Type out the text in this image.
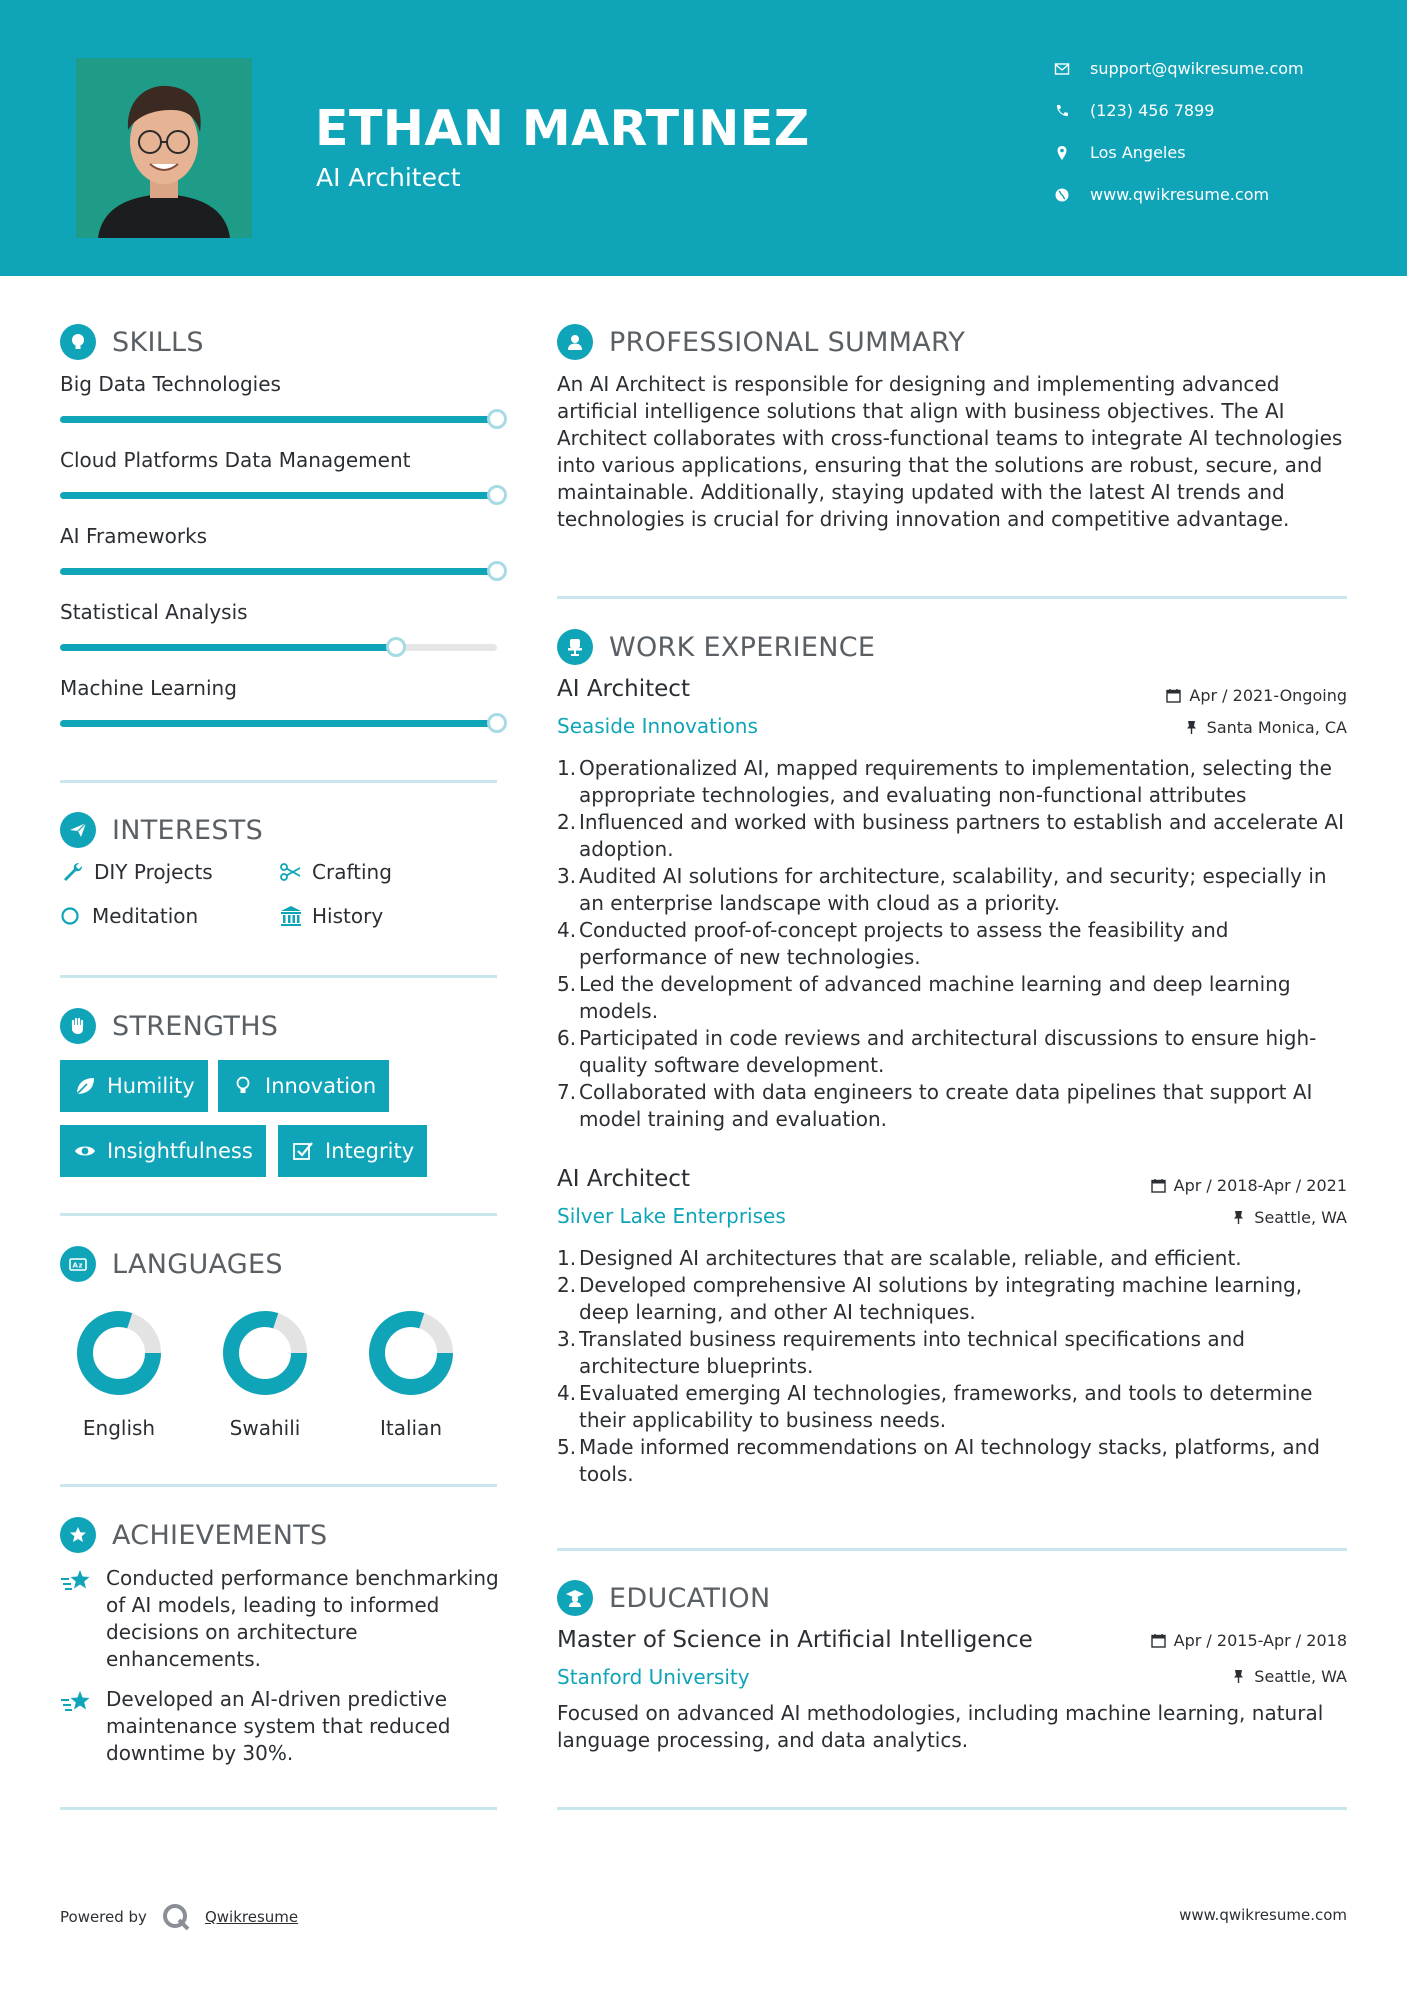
ETHAN MARTINEZ
AI Architect
support@qwikresume.com
(123) 456 7899
Los Angeles
www.qwikresume.com
SKILLS
Big Data Technologies
Cloud Platforms Data Management
AI Frameworks
Statistical Analysis
Machine Learning
INTERESTS
DIY Projects	Crafting
Meditation	History
STRENGTHS
Humility	Innovation
Insightfulness	Integrity
A z LANGUAGES
English	Swahili	Italian
ACHIEVEMENTS
Conducted performance benchmarking of AI models, leading to informed decisions on architecture enhancements.
Developed an AI-driven predictive maintenance system that reduced downtime by 30%.
PROFESSIONAL SUMMARY
An AI Architect is responsible for designing and implementing advanced artificial intelligence solutions that align with business objectives. The AI Architect collaborates with cross-functional teams to integrate AI technologies into various applications, ensuring that the solutions are robust, secure, and maintainable. Additionally, staying updated with the latest AI trends and technologies is crucial for driving innovation and competitive advantage.
WORK EXPERIENCE
AI Architect	Apr / 2021-Ongoing
Seaside Innovations	Santa Monica, CA
1. Operationalized AI, mapped requirements to implementation, selecting the appropriate technologies, and evaluating non-functional attributes
2. Influenced and worked with business partners to establish and accelerate AI adoption.
3. Audited AI solutions for architecture, scalability, and security; especially in an enterprise landscape with cloud as a priority.
4. Conducted proof-of-concept projects to assess the feasibility and performance of new technologies.
5. Led the development of advanced machine learning and deep learning models.
6. Participated in code reviews and architectural discussions to ensure high-quality software development.
7. Collaborated with data engineers to create data pipelines that support AI model training and evaluation.
AI Architect	Apr / 2018-Apr / 2021
Silver Lake Enterprises	Seattle, WA
1. Designed AI architectures that are scalable, reliable, and efficient.
2. Developed comprehensive AI solutions by integrating machine learning, deep learning, and other AI techniques.
3. Translated business requirements into technical specifications and architecture blueprints.
4. Evaluated emerging AI technologies, frameworks, and tools to determine their applicability to business needs.
5. Made informed recommendations on AI technology stacks, platforms, and tools.
EDUCATION
Master of Science in Artificial Intelligence	Apr / 2015-Apr / 2018
Stanford University	Seattle, WA
Focused on advanced AI methodologies, including machine learning, natural language processing, and data analytics.
Powered by	Qwikresume	www.qwikresume.com
